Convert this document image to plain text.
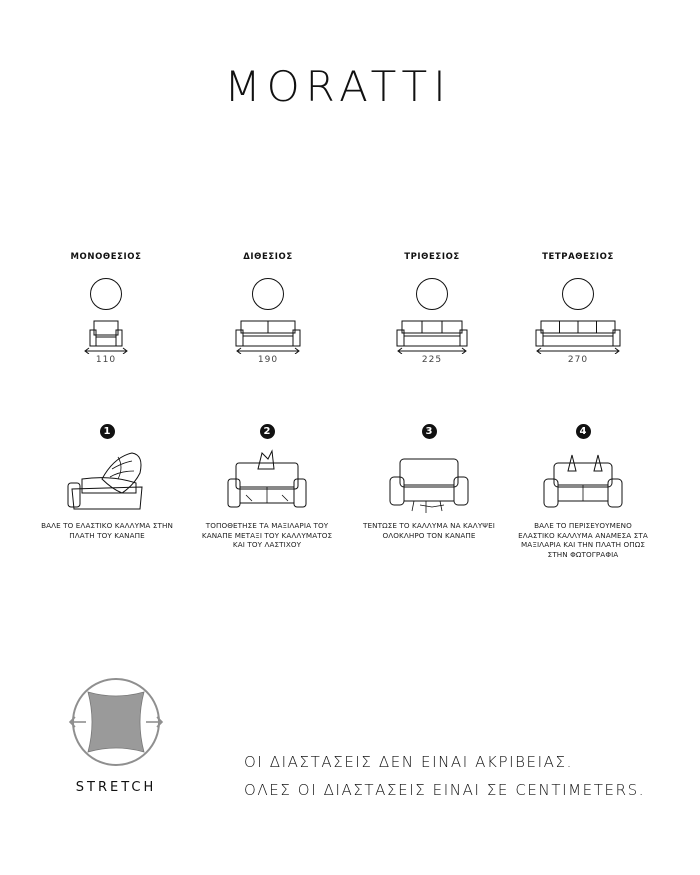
MORATTI
ΜΟΝΟΘΕΣΙΟΣ
110
ΔΙΘΕΣΙΟΣ
190
ΤΡΙΘΕΣΙΟΣ
225
ΤΕΤΡΑΘΕΣΙΟΣ
270
1
ΒΑΛΕ ΤΟ ΕΛΑΣΤΙΚΟ ΚΑΛΛΥΜΑ ΣΤΗΝ ΠΛΑΤΗ ΤΟΥ ΚΑΝΑΠΕ
2
ΤΟΠΟΘΕΤΗΣΕ ΤΑ ΜΑΞΙΛΑΡΙΑ ΤΟΥ ΚΑΝΑΠΕ ΜΕΤΑΞΙ ΤΟΥ ΚΑΛΛΥΜΑΤΟΣ ΚΑΙ ΤΟΥ ΛΑΣΤΙΧΟΥ
3
ΤΕΝΤΩΣΕ ΤΟ ΚΑΛΛΥΜΑ ΝΑ ΚΑΛΥΨΕΙ ΟΛΟΚΛΗΡΟ ΤΟΝ ΚΑΝΑΠΕ
4
ΒΑΛΕ ΤΟ ΠΕΡΙΣΕΥΟΥΜΕΝΟ ΕΛΑΣΤΙΚΟ ΚΑΛΛΥΜΑ ΑΝΑΜΕΣΑ ΣΤΑ ΜΑΞΙΛΑΡΙΑ ΚΑΙ ΤΗΝ ΠΛΑΤΗ ΟΠΩΣ ΣΤΗΝ ΦΩΤΟΓΡΑΦΙΑ
STRETCH
ΟΙ ΔΙΑΣΤΑΣΕΙΣ ΔΕΝ ΕΙΝΑΙ ΑΚΡΙΒΕΙΑΣ.
ΟΛΕΣ ΟΙ ΔΙΑΣΤΑΣΕΙΣ ΕΙΝΑΙ ΣΕ CENTIMETERS.
